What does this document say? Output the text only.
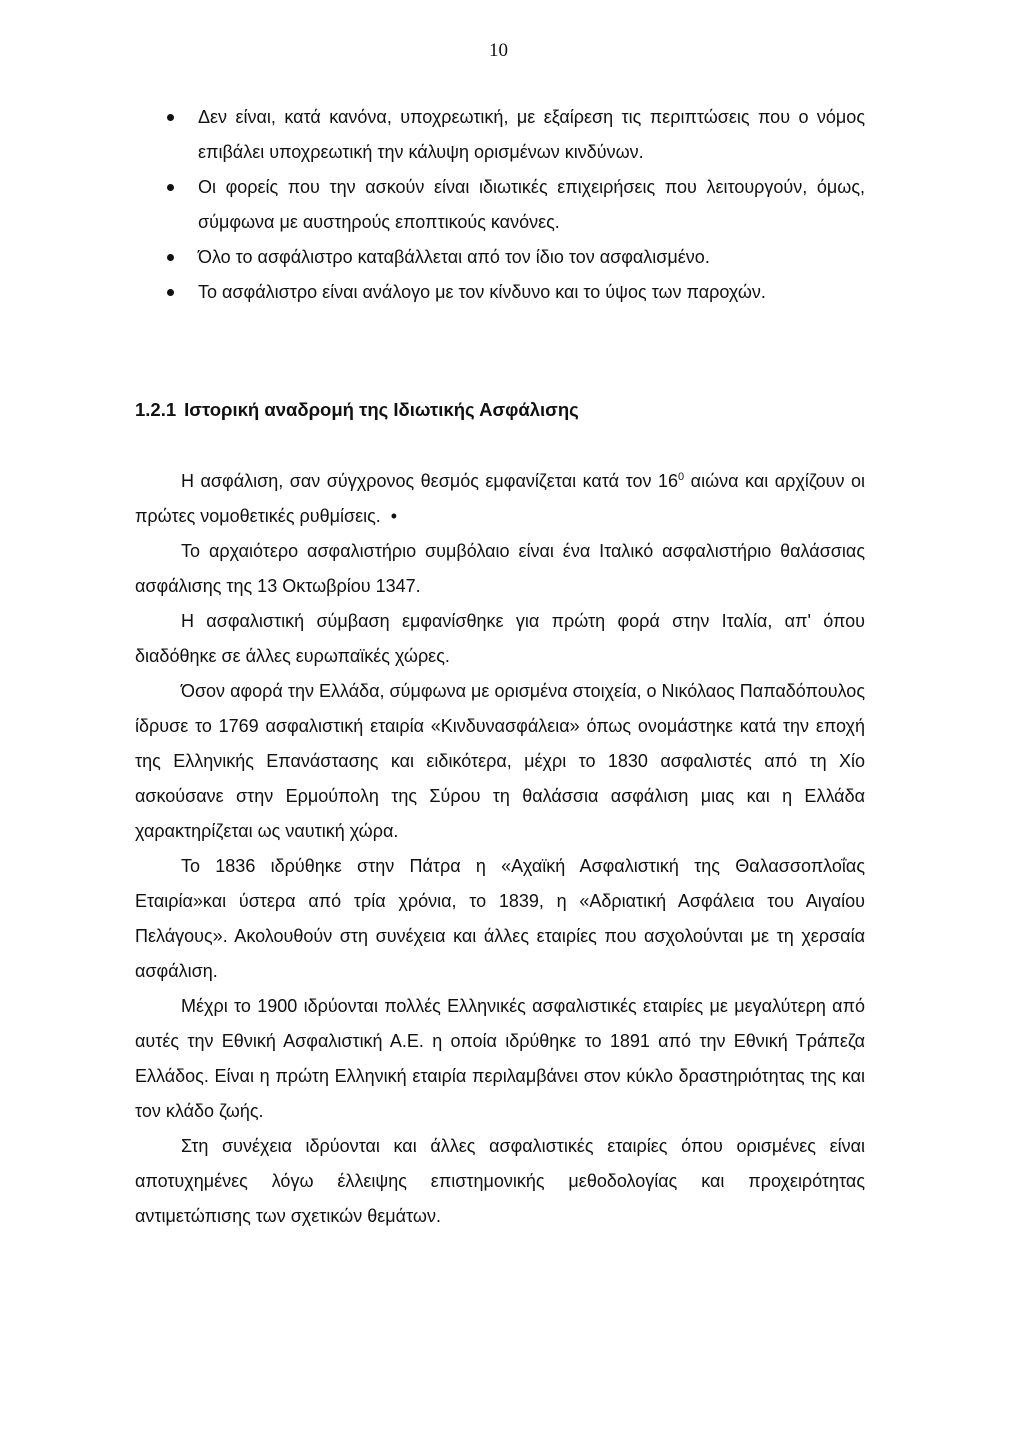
10
Δεν είναι, κατά κανόνα, υποχρεωτική, με εξαίρεση τις περιπτώσεις που ο νόμος επιβάλει υποχρεωτική την κάλυψη ορισμένων κινδύνων.
Οι φορείς που την ασκούν είναι ιδιωτικές επιχειρήσεις που λειτουργούν, όμως, σύμφωνα με αυστηρούς εποπτικούς κανόνες.
Όλο το ασφάλιστρο καταβάλλεται από τον ίδιο τον ασφαλισμένο.
Το ασφάλιστρο είναι ανάλογο με τον κίνδυνο και το ύψος των παροχών.
1.2.1 Ιστορική αναδρομή της Ιδιωτικής Ασφάλισης

Η ασφάλιση, σαν σύγχρονος θεσμός εμφανίζεται κατά τον $16^0$ αιώνα και αρχίζουν οι πρώτες νομοθετικές ρυθμίσεις. •

Το αρχαιότερο ασφαλιστήριο συμβόλαιο είναι ένα Ιταλικό ασφαλιστήριο θαλάσσιας ασφάλισης της 13 Οκτωβρίου 1347.

Η ασφαλιστική σύμβαση εμφανίσθηκε για πρώτη φορά στην Ιταλία, απ' όπου διαδόθηκε σε άλλες ευρωπαϊκές χώρες.

Όσον αφορά την Ελλάδα, σύμφωνα με ορισμένα στοιχεία, ο Νικόλαος Παπαδόπουλος ίδρυσε το 1769 ασφαλιστική εταιρία «Κινδυνασφάλεια» όπως ονομάστηκε κατά την εποχή της Ελληνικής Επανάστασης και ειδικότερα, μέχρι το 1830 ασφαλιστές από τη Χίο ασκούσανε στην Ερμούπολη της Σύρου τη θαλάσσια ασφάλιση μιας και η Ελλάδα χαρακτηρίζεται ως ναυτική χώρα.

Το 1836 ιδρύθηκε στην Πάτρα η «Αχαϊκή Ασφαλιστική της Θαλασσοπλοΐας Εταιρία»και ύστερα από τρία χρόνια, το 1839, η «Αδριατική Ασφάλεια του Αιγαίου Πελάγους». Ακολουθούν στη συνέχεια και άλλες εταιρίες που ασχολούνται με τη χερσαία ασφάλιση.

Μέχρι το 1900 ιδρύονται πολλές Ελληνικές ασφαλιστικές εταιρίες με μεγαλύτερη από αυτές την Εθνική Ασφαλιστική Α.Ε. η οποία ιδρύθηκε το 1891 από την Εθνική Τράπεζα Ελλάδος. Είναι η πρώτη Ελληνική εταιρία περιλαμβάνει στον κύκλο δραστηριότητας της και τον κλάδο ζωής.

Στη συνέχεια ιδρύονται και άλλες ασφαλιστικές εταιρίες όπου ορισμένες είναι αποτυχημένες λόγω έλλειψης επιστημονικής μεθοδολογίας και προχειρότητας αντιμετώπισης των σχετικών θεμάτων.
